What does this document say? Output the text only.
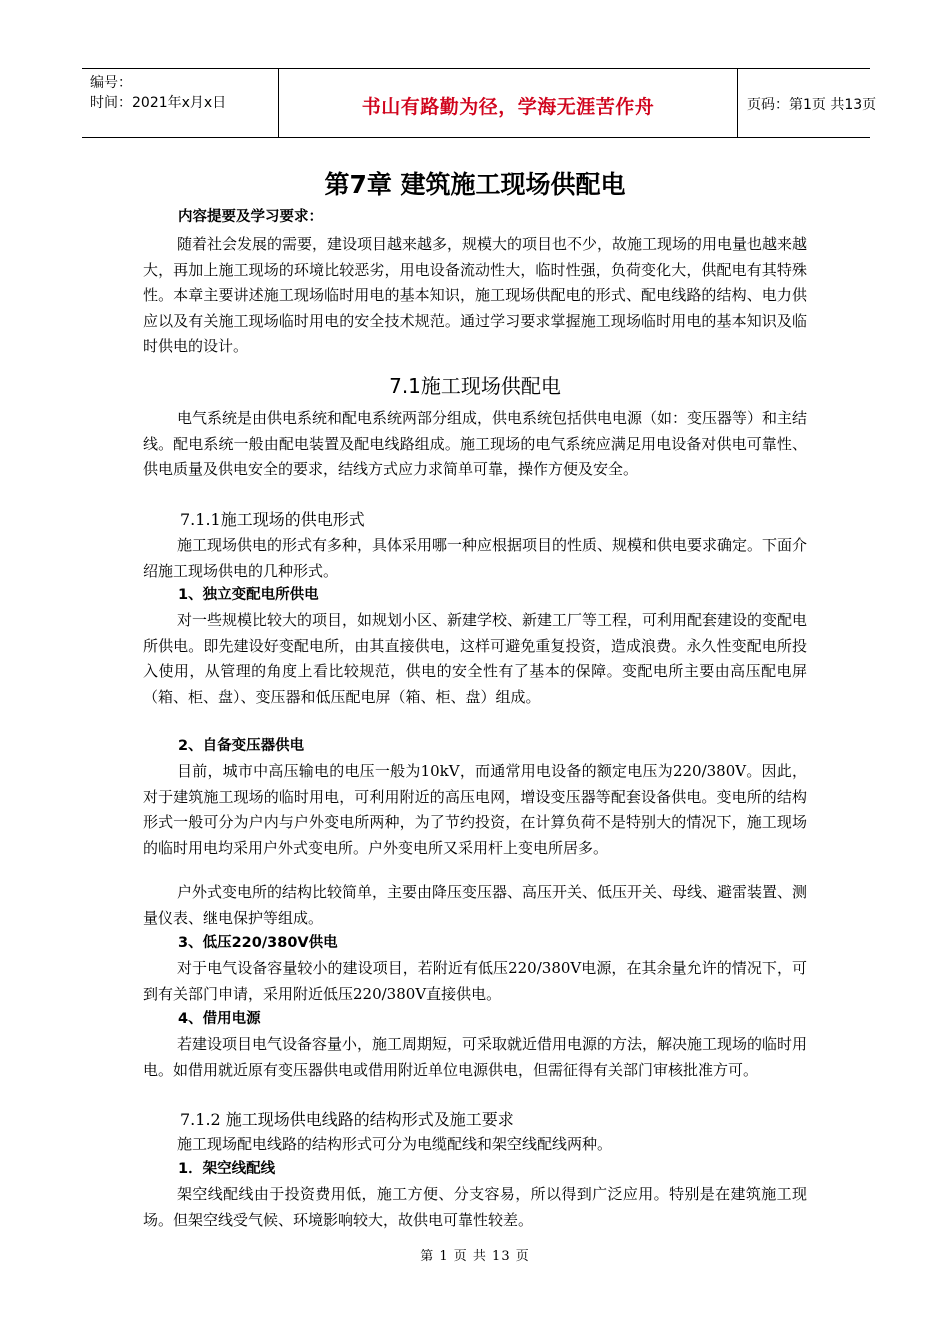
编号：
时间：2021年x月x日	书山有路勤为径，学海无涯苦作舟	页码：第1页 共13页
第7章 建筑施工现场供配电
内容提要及学习要求：
随着社会发展的需要，建设项目越来越多，规模大的项目也不少，故施工现场的用电量也越来越大，再加上施工现场的环境比较恶劣，用电设备流动性大，临时性强，负荷变化大，供配电有其特殊性。本章主要讲述施工现场临时用电的基本知识，施工现场供配电的形式、配电线路的结构、电力供应以及有关施工现场临时用电的安全技术规范。通过学习要求掌握施工现场临时用电的基本知识及临时供电的设计。
7.1施工现场供配电
电气系统是由供电系统和配电系统两部分组成，供电系统包括供电电源（如：变压器等）和主结线。配电系统一般由配电装置及配电线路组成。施工现场的电气系统应满足用电设备对供电可靠性、供电质量及供电安全的要求，结线方式应力求简单可靠，操作方便及安全。
7.1.1施工现场的供电形式
施工现场供电的形式有多种，具体采用哪一种应根据项目的性质、规模和供电要求确定。下面介绍施工现场供电的几种形式。
1、独立变配电所供电
对一些规模比较大的项目，如规划小区、新建学校、新建工厂等工程，可利用配套建设的变配电所供电。即先建设好变配电所，由其直接供电，这样可避免重复投资，造成浪费。永久性变配电所投入使用，从管理的角度上看比较规范，供电的安全性有了基本的保障。变配电所主要由高压配电屏（箱、柜、盘）、变压器和低压配电屏（箱、柜、盘）组成。
2、自备变压器供电
目前，城市中高压输电的电压一般为10kV，而通常用电设备的额定电压为220/380V。因此，对于建筑施工现场的临时用电，可利用附近的高压电网，增设变压器等配套设备供电。变电所的结构形式一般可分为户内与户外变电所两种，为了节约投资，在计算负荷不是特别大的情况下，施工现场的临时用电均采用户外式变电所。户外变电所又采用杆上变电所居多。
户外式变电所的结构比较简单，主要由降压变压器、高压开关、低压开关、母线、避雷装置、测量仪表、继电保护等组成。
3、低压220/380V供电
对于电气设备容量较小的建设项目，若附近有低压220/380V电源，在其余量允许的情况下，可到有关部门申请，采用附近低压220/380V直接供电。
4、借用电源
若建设项目电气设备容量小，施工周期短，可采取就近借用电源的方法，解决施工现场的临时用电。如借用就近原有变压器供电或借用附近单位电源供电，但需征得有关部门审核批准方可。
7.1.2 施工现场供电线路的结构形式及施工要求
施工现场配电线路的结构形式可分为电缆配线和架空线配线两种。
1．架空线配线
架空线配线由于投资费用低，施工方便、分支容易，所以得到广泛应用。特别是在建筑施工现场。但架空线受气候、环境影响较大，故供电可靠性较差。
第 1 页 共 13 页
